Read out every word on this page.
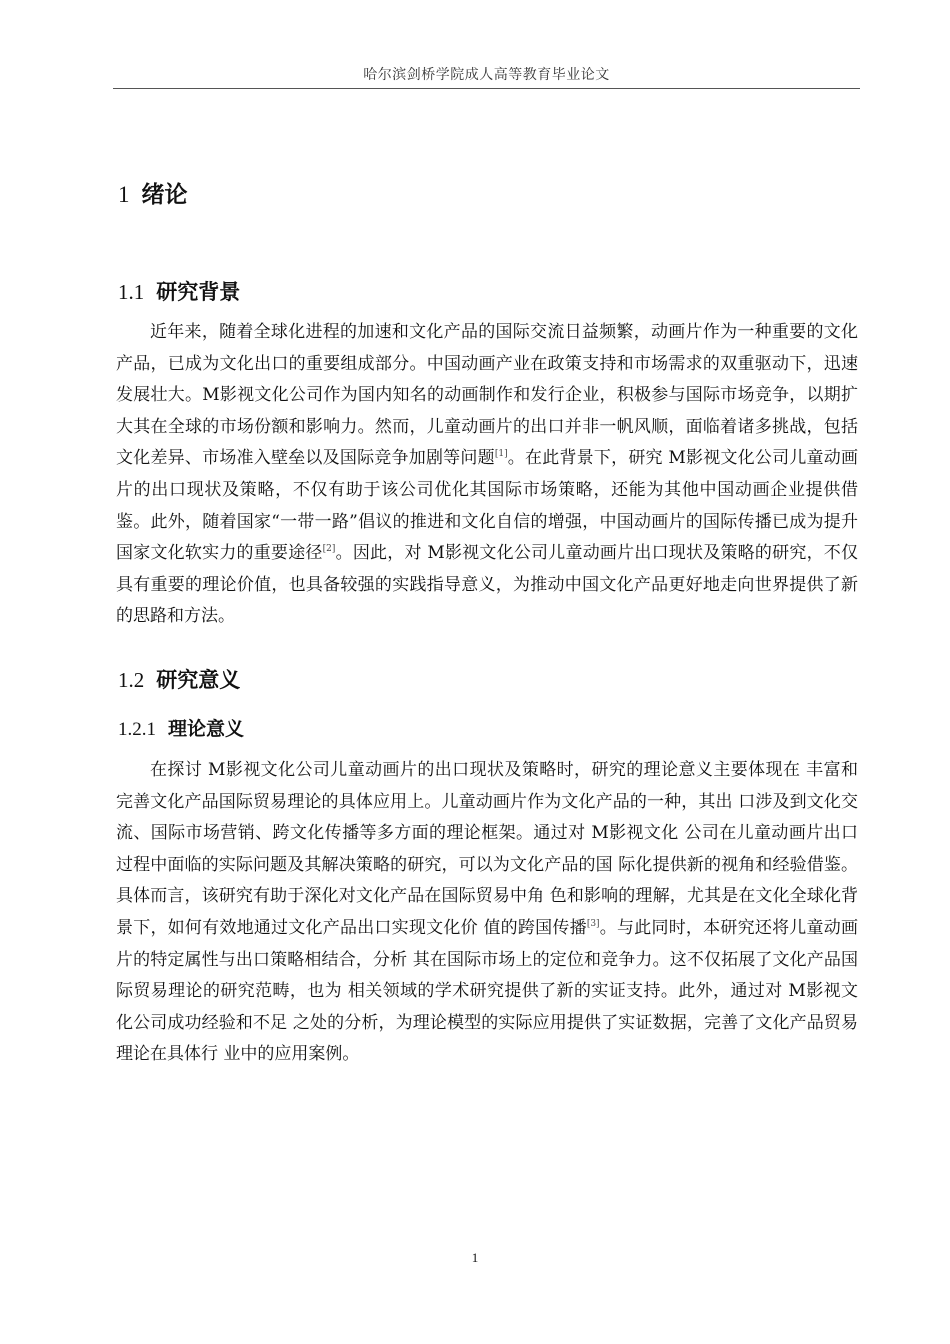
哈尔滨剑桥学院成人高等教育毕业论文
1 绪论
1.1 研究背景

近年来，随着全球化进程的加速和文化产品的国际交流日益频繁，动画片作为一种重要的文化产品，已成为文化出口的重要组成部分。中国动画产业在政策支持和市场需求的双重驱动下，迅速发展壮大。M影视文化公司作为国内知名的动画制作和发行企业，积极参与国际市场竞争，以期扩大其在全球的市场份额和影响力。然而，儿童动画片的出口并非一帆风顺，面临着诸多挑战，包括文化差异、市场准入壁垒以及国际竞争加剧等问题[1]。在此背景下，研究 M影视文化公司儿童动画片的出口现状及策略，不仅有助于该公司优化其国际市场策略，还能为其他中国动画企业提供借鉴。此外，随着国家“一带一路”倡议的推进和文化自信的增强，中国动画片的国际传播已成为提升国家文化软实力的重要途径[2]。因此，对 M影视文化公司儿童动画片出口现状及策略的研究，不仅具有重要的理论价值，也具备较强的实践指导意义，为推动中国文化产品更好地走向世界提供了新的思路和方法。

1.2 研究意义
1.2.1 理论意义

在探讨 M影视文化公司儿童动画片的出口现状及策略时，研究的理论意义主要体现在 丰富和完善文化产品国际贸易理论的具体应用上。儿童动画片作为文化产品的一种，其出 口涉及到文化交流、国际市场营销、跨文化传播等多方面的理论框架。通过对 M影视文化 公司在儿童动画片出口过程中面临的实际问题及其解决策略的研究，可以为文化产品的国 际化提供新的视角和经验借鉴。具体而言，该研究有助于深化对文化产品在国际贸易中角 色和影响的理解，尤其是在文化全球化背景下，如何有效地通过文化产品出口实现文化价 值的跨国传播[3]。与此同时，本研究还将儿童动画片的特定属性与出口策略相结合，分析 其在国际市场上的定位和竞争力。这不仅拓展了文化产品国际贸易理论的研究范畴，也为 相关领域的学术研究提供了新的实证支持。此外，通过对 M影视文化公司成功经验和不足 之处的分析，为理论模型的实际应用提供了实证数据，完善了文化产品贸易理论在具体行 业中的应用案例。

1
